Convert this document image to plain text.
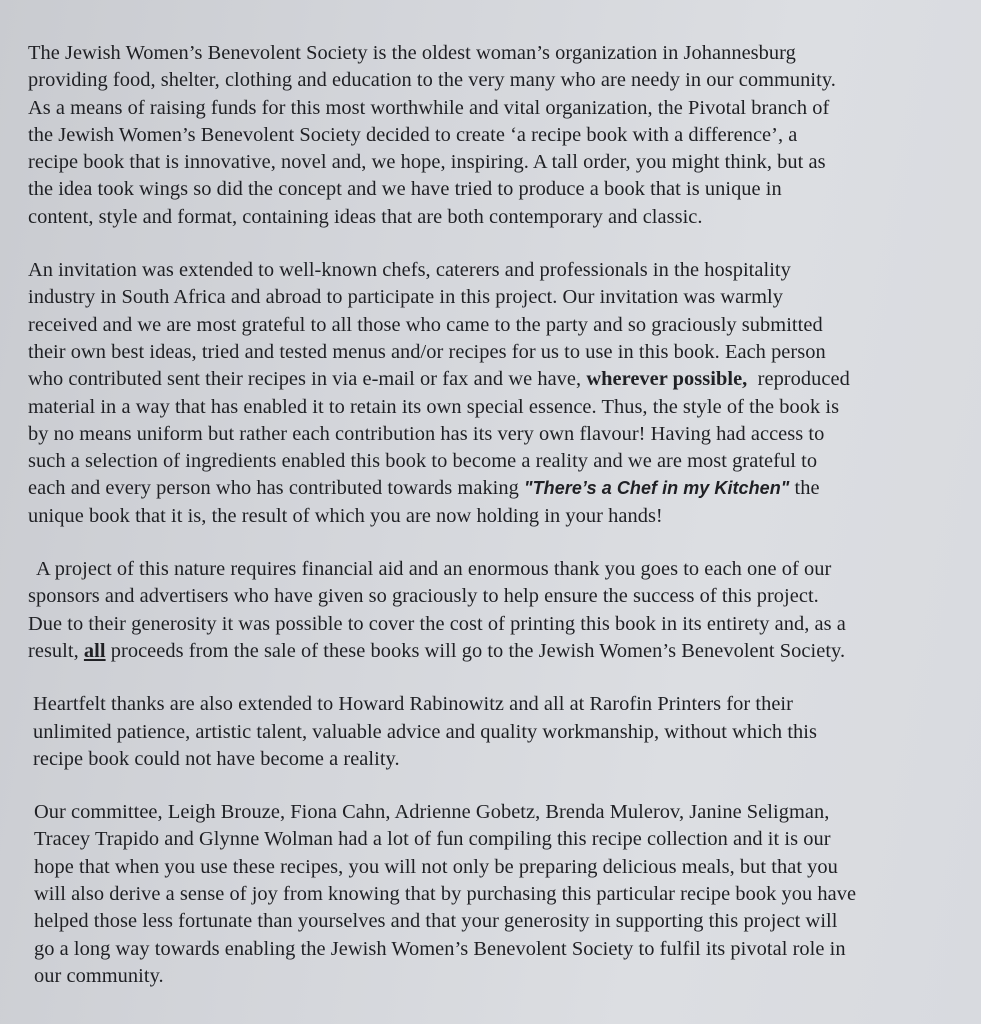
The Jewish Women’s Benevolent Society is the oldest woman’s organization in Johannesburg
providing food, shelter, clothing and education to the very many who are needy in our community.
As a means of raising funds for this most worthwhile and vital organization, the Pivotal branch of
the Jewish Women’s Benevolent Society decided to create ‘a recipe book with a difference’, a
recipe book that is innovative, novel and, we hope, inspiring. A tall order, you might think, but as
the idea took wings so did the concept and we have tried to produce a book that is unique in
content, style and format, containing ideas that are both contemporary and classic.

An invitation was extended to well-known chefs, caterers and professionals in the hospitality
industry in South Africa and abroad to participate in this project. Our invitation was warmly
received and we are most grateful to all those who came to the party and so graciously submitted
their own best ideas, tried and tested menus and/or recipes for us to use in this book. Each person
who contributed sent their recipes in via e-mail or fax and we have, wherever possible,  reproduced
material in a way that has enabled it to retain its own special essence. Thus, the style of the book is
by no means uniform but rather each contribution has its very own flavour! Having had access to
such a selection of ingredients enabled this book to become a reality and we are most grateful to
each and every person who has contributed towards making "There’s a Chef in my Kitchen" the
unique book that it is, the result of which you are now holding in your hands!

A project of this nature requires financial aid and an enormous thank you goes to each one of our
sponsors and advertisers who have given so graciously to help ensure the success of this project.
Due to their generosity it was possible to cover the cost of printing this book in its entirety and, as a
result, all proceeds from the sale of these books will go to the Jewish Women’s Benevolent Society.

Heartfelt thanks are also extended to Howard Rabinowitz and all at Rarofin Printers for their
unlimited patience, artistic talent, valuable advice and quality workmanship, without which this
recipe book could not have become a reality.

Our committee, Leigh Brouze, Fiona Cahn, Adrienne Gobetz, Brenda Mulerov, Janine Seligman,
Tracey Trapido and Glynne Wolman had a lot of fun compiling this recipe collection and it is our
hope that when you use these recipes, you will not only be preparing delicious meals, but that you
will also derive a sense of joy from knowing that by purchasing this particular recipe book you have
helped those less fortunate than yourselves and that your generosity in supporting this project will
go a long way towards enabling the Jewish Women’s Benevolent Society to fulfil its pivotal role in
our community.
